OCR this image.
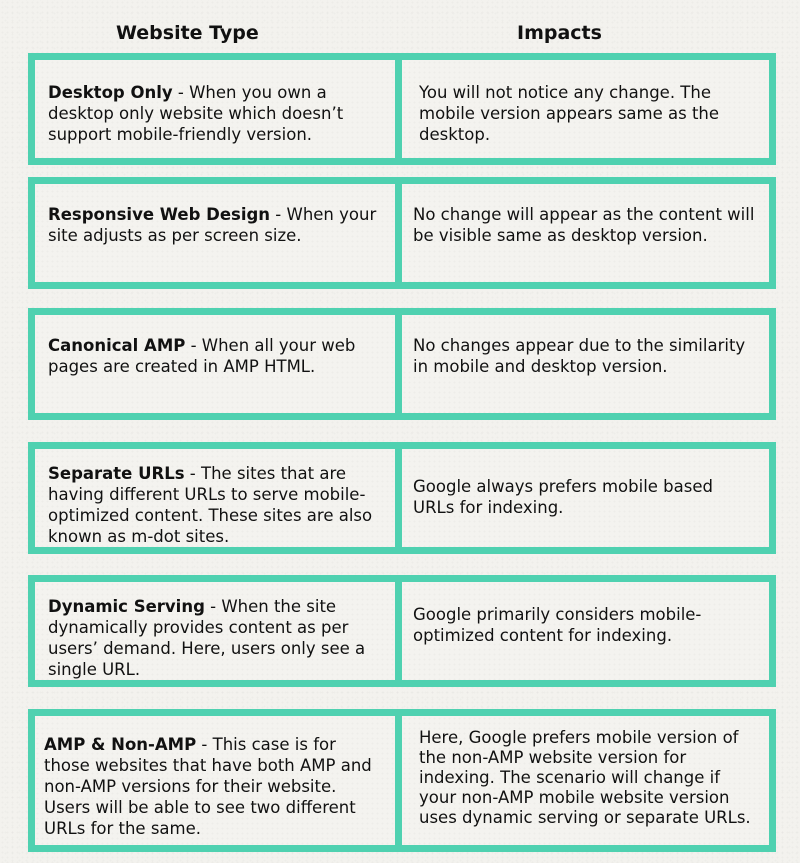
Website Type	Impacts
Desktop Only - When you own a desktop only website which doesn’t support mobile-friendly version.
You will not notice any change. The mobile version appears same as the desktop.
Responsive Web Design - When your site adjusts as per screen size.
No change will appear as the content will be visible same as desktop version.
Canonical AMP - When all your web pages are created in AMP HTML.
No changes appear due to the similarity in mobile and desktop version.
Separate URLs - The sites that are having different URLs to serve mobile-optimized content. These sites are also known as m-dot sites.
Google always prefers mobile based URLs for indexing.
Dynamic Serving - When the site dynamically provides content as per users’ demand. Here, users only see a single URL.
Google primarily considers mobile-optimized content for indexing.
AMP & Non-AMP - This case is for those websites that have both AMP and non-AMP versions for their website. Users will be able to see two different URLs for the same.
Here, Google prefers mobile version of the non-AMP website version for indexing. The scenario will change if your non-AMP mobile website version uses dynamic serving or separate URLs.
